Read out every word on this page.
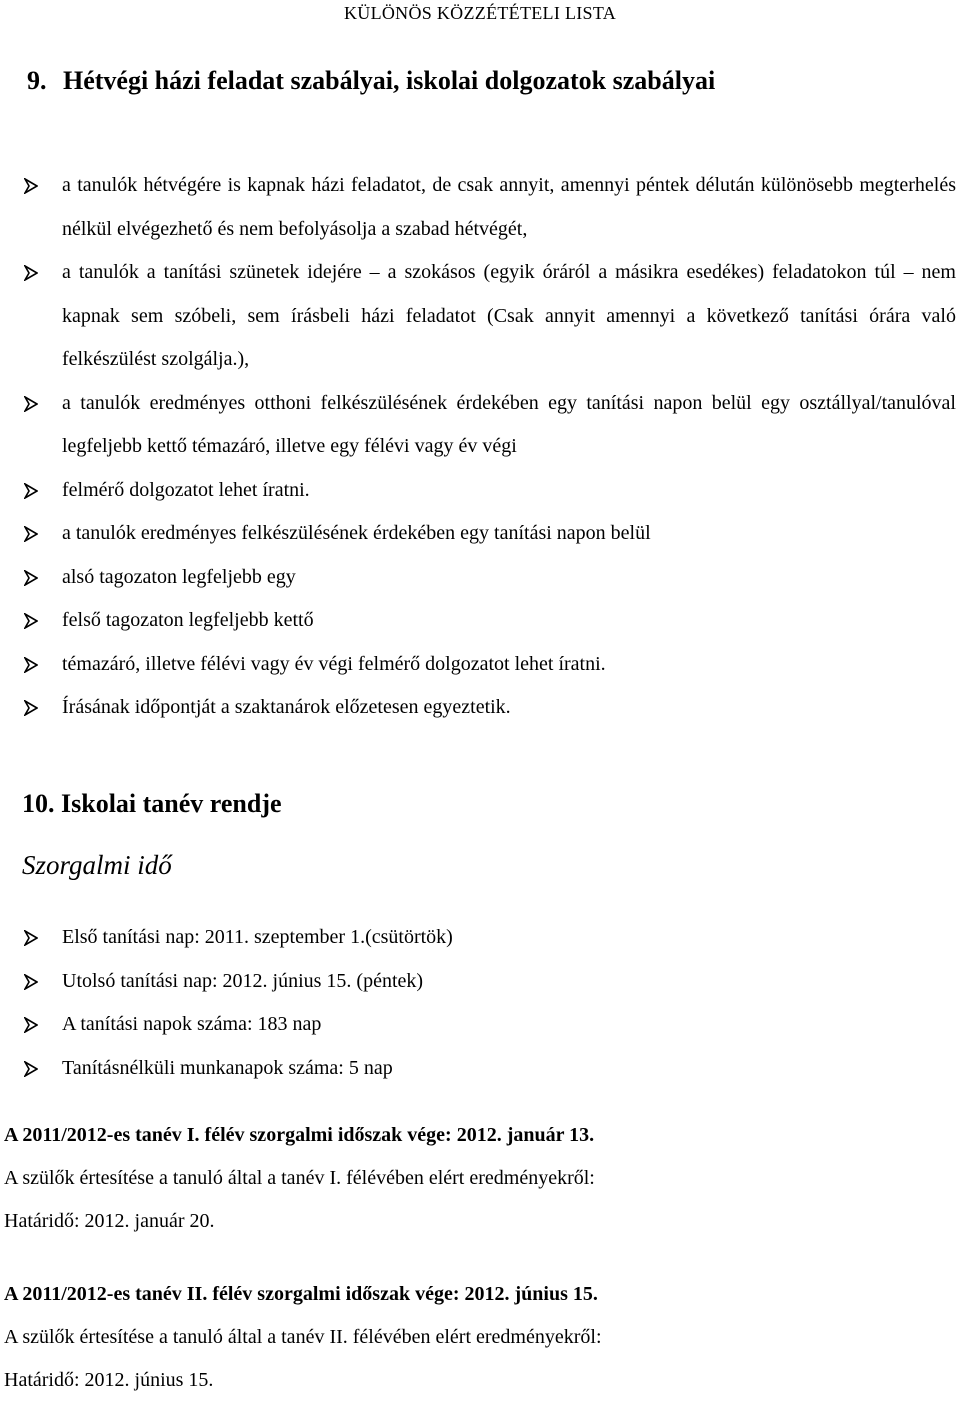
KÜLÖNÖS KÖZZÉTÉTELI LISTA
9. Hétvégi házi feladat szabályai, iskolai dolgozatok szabályai
a tanulók hétvégére is kapnak házi feladatot, de csak annyit, amennyi péntek délután különösebb megterhelés nélkül elvégezhető és nem befolyásolja a szabad hétvégét,
a tanulók a tanítási szünetek idejére – a szokásos (egyik óráról a másikra esedékes) feladatokon túl – nem kapnak sem szóbeli, sem írásbeli házi feladatot (Csak annyit amennyi a következő tanítási órára való felkészülést szolgálja.),
a tanulók eredményes otthoni felkészülésének érdekében egy tanítási napon belül egy osztállyal/tanulóval legfeljebb kettő témazáró, illetve egy félévi vagy év végi
felmérő dolgozatot lehet íratni.
a tanulók eredményes felkészülésének érdekében egy tanítási napon belül
alsó tagozaton legfeljebb egy
felső tagozaton legfeljebb kettő
témazáró, illetve félévi vagy év végi felmérő dolgozatot lehet íratni.
Írásának időpontját a szaktanárok előzetesen egyeztetik.
10. Iskolai tanév rendje
Szorgalmi idő
Első tanítási nap: 2011. szeptember 1.(csütörtök)
Utolsó tanítási nap: 2012. június 15. (péntek)
A tanítási napok száma: 183 nap
Tanításnélküli munkanapok száma: 5 nap
A 2011/2012-es tanév I. félév szorgalmi időszak vége: 2012. január 13.
A szülők értesítése a tanuló által a tanév I. félévében elért eredményekről:
Határidő: 2012. január 20.
A 2011/2012-es tanév II. félév szorgalmi időszak vége: 2012. június 15.
A szülők értesítése a tanuló által a tanév II. félévében elért eredményekről:
Határidő: 2012. június 15.
